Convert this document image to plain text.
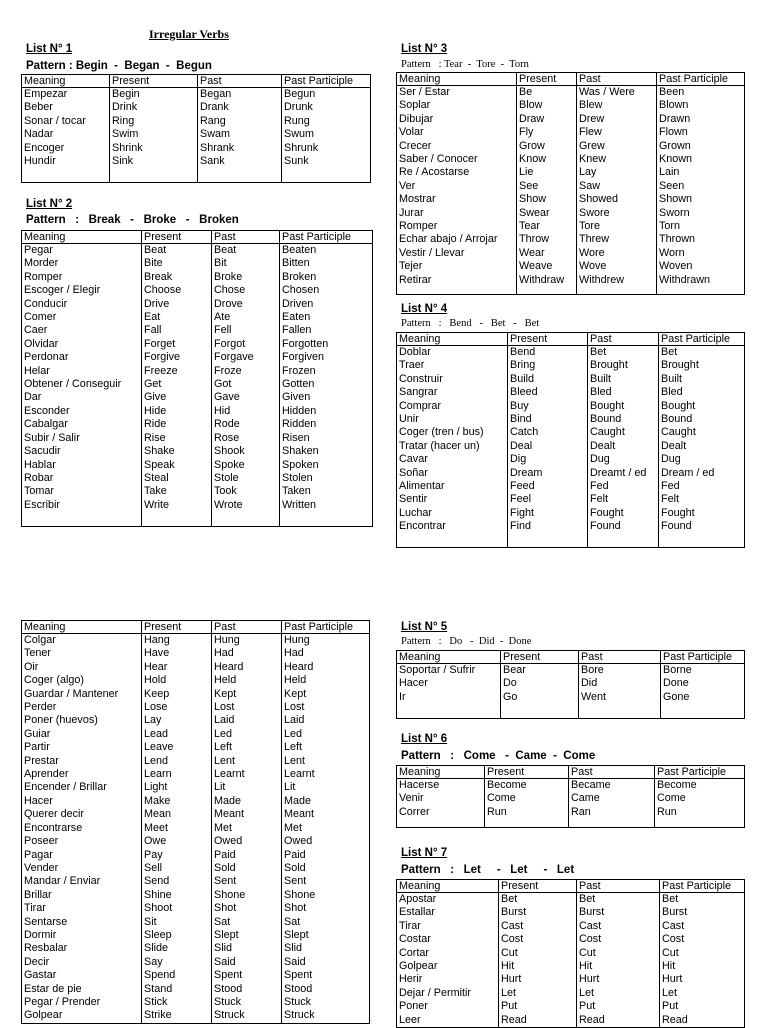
Irregular Verbs
List N° 1
Pattern : Begin  -  Began  -  Begun
Meaning	Present	Past	Past Participle
Empezar	Begin	Began	Begun
Beber	Drink	Drank	Drunk
Sonar / tocar	Ring	Rang	Rung
Nadar	Swim	Swam	Swum
Encoger	Shrink	Shrank	Shrunk
Hundir	Sink	Sank	Sunk

List N° 2
Pattern   :   Break   -   Broke   -   Broken
Meaning	Present	Past	Past Participle
Pegar	Beat	Beat	Beaten
Morder	Bite	Bit	Bitten
Romper	Break	Broke	Broken
Escoger / Elegir	Choose	Chose	Chosen
Conducir	Drive	Drove	Driven
Comer	Eat	Ate	Eaten
Caer	Fall	Fell	Fallen
Olvidar	Forget	Forgot	Forgotten
Perdonar	Forgive	Forgave	Forgiven
Helar	Freeze	Froze	Frozen
Obtener / Conseguir	Get	Got	Gotten
Dar	Give	Gave	Given
Esconder	Hide	Hid	Hidden
Cabalgar	Ride	Rode	Ridden
Subir / Salir	Rise	Rose	Risen
Sacudir	Shake	Shook	Shaken
Hablar	Speak	Spoke	Spoken
Robar	Steal	Stole	Stolen
Tomar	Take	Took	Taken
Escribir	Write	Wrote	Written

List N° 3
Pattern   : Tear  -  Tore  -  Torn
Meaning	Present	Past	Past Participle
Ser / Estar	Be	Was / Were	Been
Soplar	Blow	Blew	Blown
Dibujar	Draw	Drew	Drawn
Volar	Fly	Flew	Flown
Crecer	Grow	Grew	Grown
Saber / Conocer	Know	Knew	Known
Re / Acostarse	Lie	Lay	Lain
Ver	See	Saw	Seen
Mostrar	Show	Showed	Shown
Jurar	Swear	Swore	Sworn
Romper	Tear	Tore	Torn
Echar abajo / Arrojar	Throw	Threw	Thrown
Vestir / Llevar	Wear	Wore	Worn
Tejer	Weave	Wove	Woven
Retirar	Withdraw	Withdrew	Withdrawn

List N° 4
Pattern   :   Bend   -   Bet   -   Bet
Meaning	Present	Past	Past Participle
Doblar	Bend	Bet	Bet
Traer	Bring	Brought	Brought
Construir	Build	Built	Built
Sangrar	Bleed	Bled	Bled
Comprar	Buy	Bought	Bought
Unir	Bind	Bound	Bound
Coger (tren / bus)	Catch	Caught	Caught
Tratar (hacer un)	Deal	Dealt	Dealt
Cavar	Dig	Dug	Dug
Soñar	Dream	Dreamt / ed	Dream / ed
Alimentar	Feed	Fed	Fed
Sentir	Feel	Felt	Felt
Luchar	Fight	Fought	Fought
Encontrar	Find	Found	Found

Meaning	Present	Past	Past Participle
Colgar	Hang	Hung	Hung
Tener	Have	Had	Had
Oir	Hear	Heard	Heard
Coger (algo)	Hold	Held	Held
Guardar / Mantener	Keep	Kept	Kept
Perder	Lose	Lost	Lost
Poner (huevos)	Lay	Laid	Laid
Guiar	Lead	Led	Led
Partir	Leave	Left	Left
Prestar	Lend	Lent	Lent
Aprender	Learn	Learnt	Learnt
Encender / Brillar	Light	Lit	Lit
Hacer	Make	Made	Made
Querer decir	Mean	Meant	Meant
Encontrarse	Meet	Met	Met
Poseer	Owe	Owed	Owed
Pagar	Pay	Paid	Paid
Vender	Sell	Sold	Sold
Mandar / Enviar	Send	Sent	Sent
Brillar	Shine	Shone	Shone
Tirar	Shoot	Shot	Shot
Sentarse	Sit	Sat	Sat
Dormir	Sleep	Slept	Slept
Resbalar	Slide	Slid	Slid
Decir	Say	Said	Said
Gastar	Spend	Spent	Spent
Estar de pie	Stand	Stood	Stood
Pegar / Prender	Stick	Stuck	Stuck
Golpear	Strike	Struck	Struck
List N° 5
Pattern   :   Do   -  Did  -  Done
Meaning	Present	Past	Past Participle
Soportar / Sufrir	Bear	Bore	Borne
Hacer	Do	Did	Done
Ir	Go	Went	Gone

List N° 6
Pattern   :   Come   -  Came  -  Come
Meaning	Present	Past	Past Participle
Hacerse	Become	Became	Become
Venir	Come	Came	Come
Correr	Run	Ran	Run

List N° 7
Pattern   :   Let     -   Let     -   Let
Meaning	Present	Past	Past Participle
Apostar	Bet	Bet	Bet
Estallar	Burst	Burst	Burst
Tirar	Cast	Cast	Cast
Costar	Cost	Cost	Cost
Cortar	Cut	Cut	Cut
Golpear	Hit	Hit	Hit
Herir	Hurt	Hurt	Hurt
Dejar / Permitir	Let	Let	Let
Poner	Put	Put	Put
Leer	Read	Read	Read
